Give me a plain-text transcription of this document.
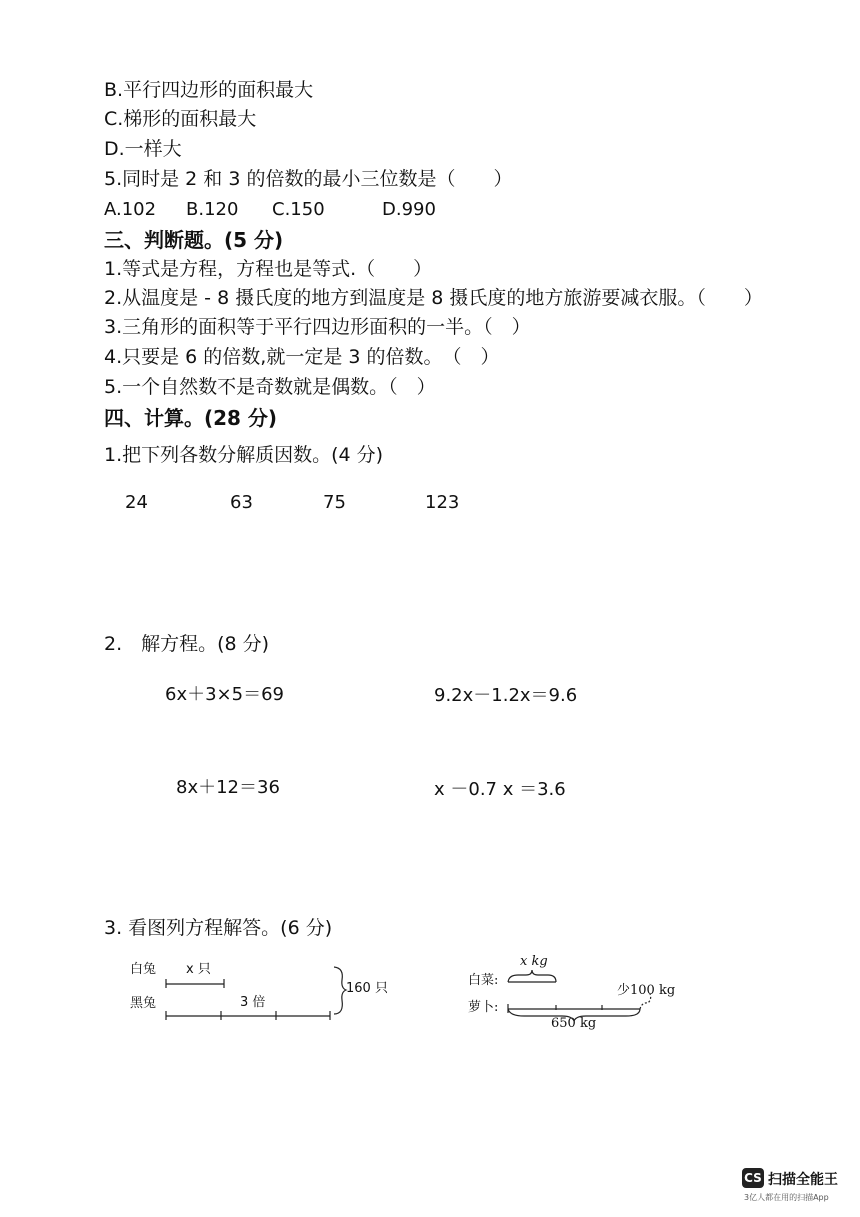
B.平行四边形的面积最大
C.梯形的面积最大
D.一样大
5.同时是 2 和 3 的倍数的最小三位数是（　　）
A.102 B.120 C.150	D.990
三、判断题。(5 分)
1.等式是方程，方程也是等式.（　　）
2.从温度是 - 8 摄氏度的地方到温度是 8 摄氏度的地方旅游要减衣服。（　　）
3.三角形的面积等于平行四边形面积的一半。（　）
4.只要是 6 的倍数,就一定是 3 的倍数。　（　）
5.一个自然数不是奇数就是偶数。（　）
四、计算。(28 分)
1.把下列各数分解质因数。(4 分)
24	63	75	123
2.　解方程。(8 分)
6x＋3×5＝69	9.2x－1.2x＝9.6
8x＋12＝36	x －0.7 x ＝3.6
3. 看图列方程解答。(6 分)
白兔
黑兔
x 只
3 倍
160 只
白菜:
萝卜:
x kg
少100 kg
650 kg
CS 扫描全能王
3亿人都在用的扫描App
